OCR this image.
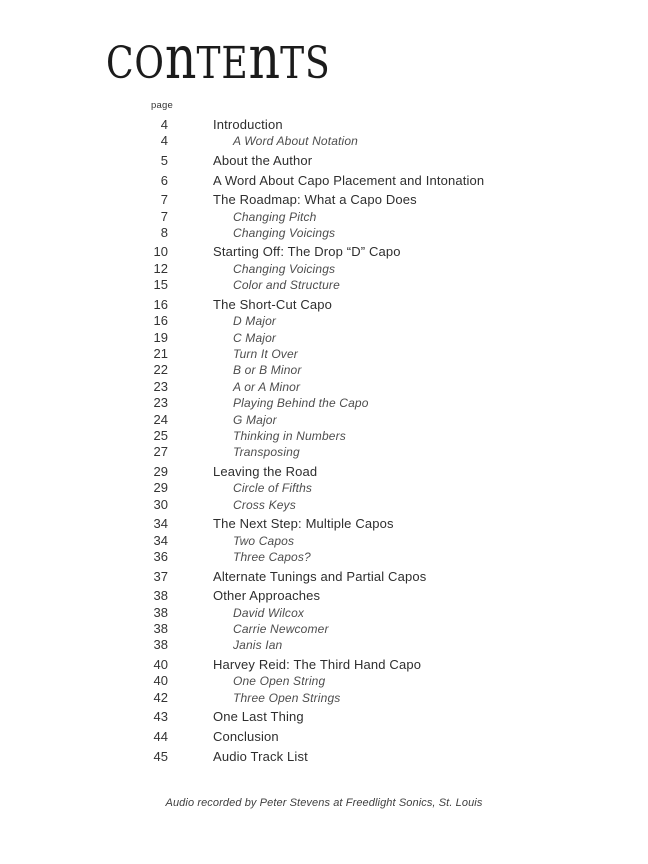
COnTEnTS
page
4	Introduction
4	A Word About Notation
5	About the Author
6	A Word About Capo Placement and Intonation
7	The Roadmap: What a Capo Does
7	Changing Pitch
8	Changing Voicings
10	Starting Off: The Drop “D” Capo
12	Changing Voicings
15	Color and Structure
16	The Short-Cut Capo
16	D Major
19	C Major
21	Turn It Over
22	B or B Minor
23	A or A Minor
23	Playing Behind the Capo
24	G Major
25	Thinking in Numbers
27	Transposing
29	Leaving the Road
29	Circle of Fifths
30	Cross Keys
34	The Next Step: Multiple Capos
34	Two Capos
36	Three Capos?
37	Alternate Tunings and Partial Capos
38	Other Approaches
38	David Wilcox
38	Carrie Newcomer
38	Janis Ian
40	Harvey Reid: The Third Hand Capo
40	One Open String
42	Three Open Strings
43	One Last Thing
44	Conclusion
45	Audio Track List
Audio recorded by Peter Stevens at Freedlight Sonics, St. Louis
